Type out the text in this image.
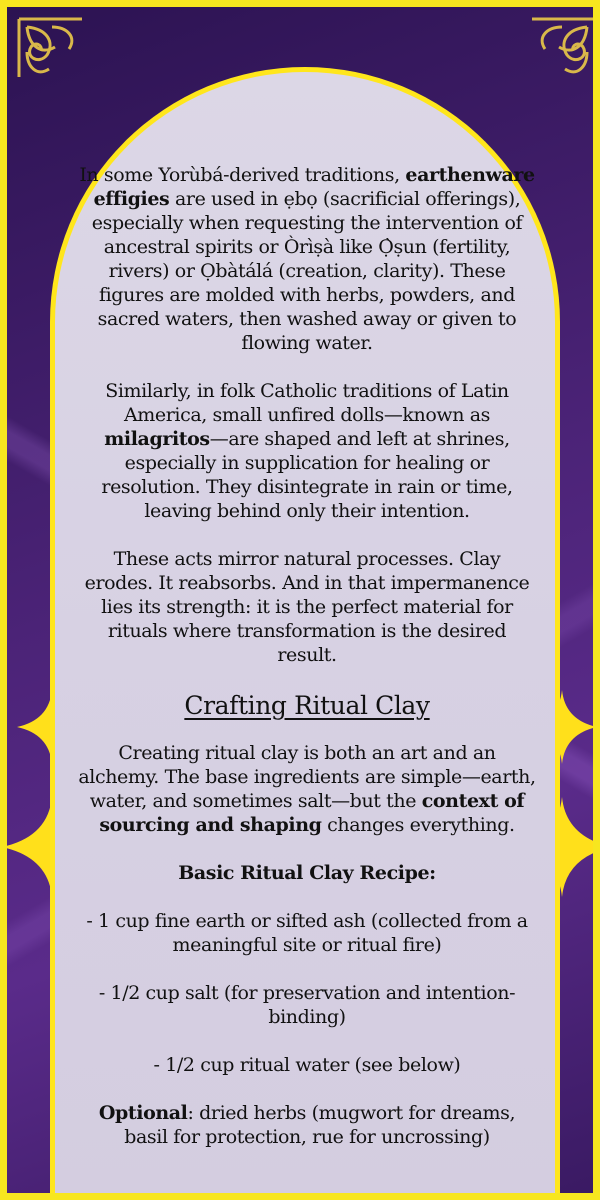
In some Yorùbá-derived traditions, earthenware effigies are used in ẹbọ (sacrificial offerings), especially when requesting the intervention of ancestral spirits or Òrìṣà like Ọ̀ṣun (fertility, rivers) or Ọbàtálá (creation, clarity). These figures are molded with herbs, powders, and sacred waters, then washed away or given to flowing water.

Similarly, in folk Catholic traditions of Latin America, small unfired dolls—known as milagritos—are shaped and left at shrines, especially in supplication for healing or resolution. They disintegrate in rain or time, leaving behind only their intention.

These acts mirror natural processes. Clay erodes. It reabsorbs. And in that impermanence lies its strength: it is the perfect material for rituals where transformation is the desired result.

Crafting Ritual Clay

Creating ritual clay is both an art and an alchemy. The base ingredients are simple—earth, water, and sometimes salt—but the context of sourcing and shaping changes everything.

Basic Ritual Clay Recipe:

- 1 cup fine earth or sifted ash (collected from a meaningful site or ritual fire)

- 1/2 cup salt (for preservation and intention-binding)

- 1/2 cup ritual water (see below)

Optional: dried herbs (mugwort for dreams, basil for protection, rue for uncrossing)
